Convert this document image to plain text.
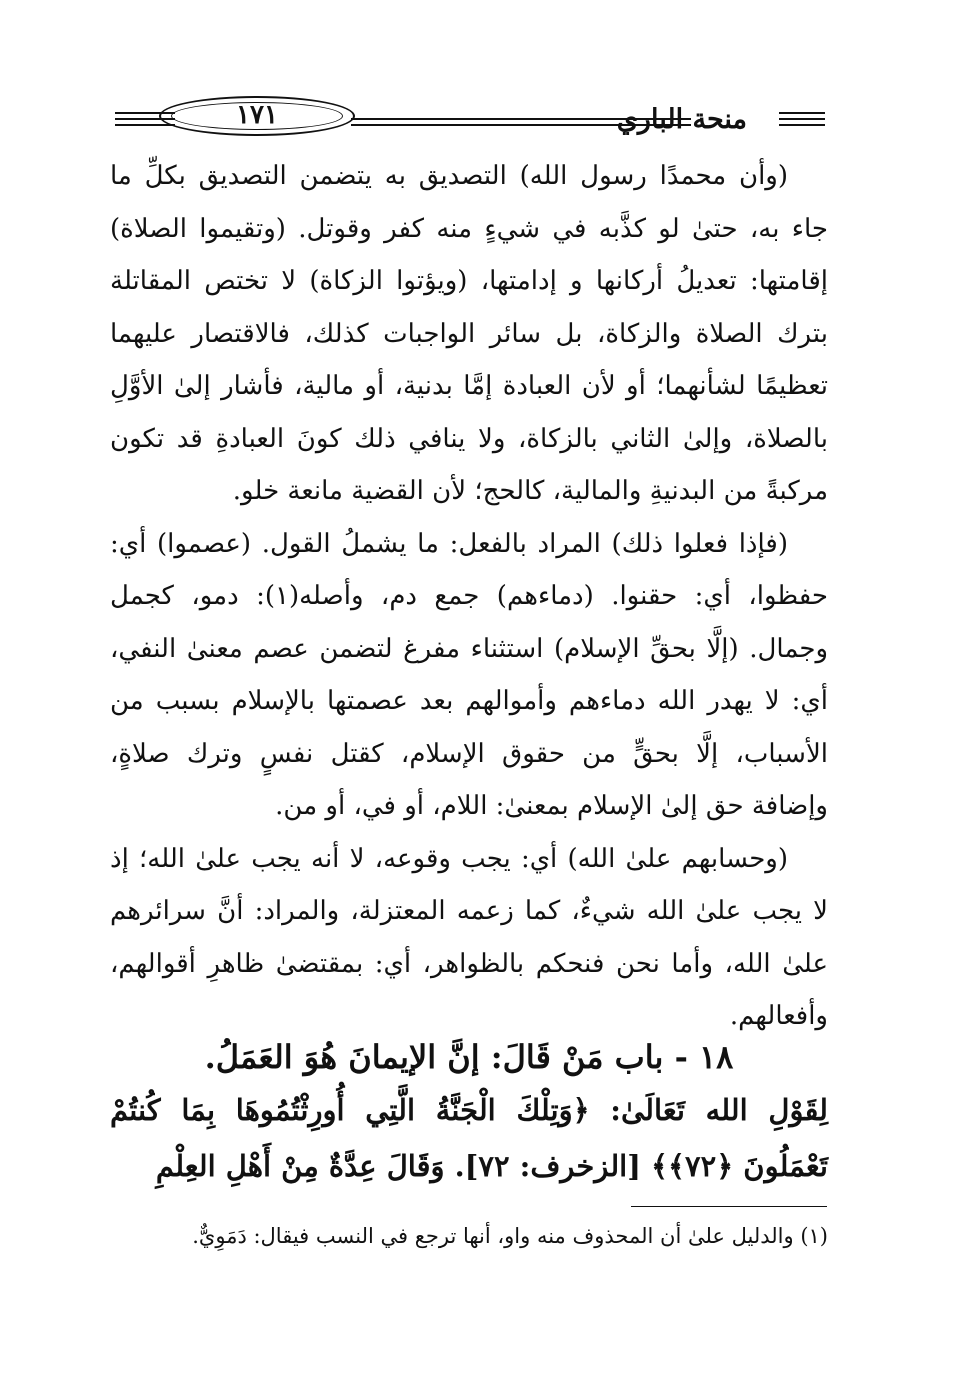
١٧١	منحة الباري

(وأن محمدًا رسول الله) التصديق به يتضمن التصديق بكلِّ ما جاء به، حتىٰ لو كذَّبه في شيءٍ منه كفر وقوتل. (وتقيموا الصلاة) إقامتها: تعديلُ أركانها و إدامتها، (ويؤتوا الزكاة) لا تختص المقاتلة بترك الصلاة والزكاة، بل سائر الواجبات كذلك، فالاقتصار عليهما تعظيمًا لشأنهما؛ أو لأن العبادة إمَّا بدنية، أو مالية، فأشار إلىٰ الأوَّلِ بالصلاة، وإلىٰ الثاني بالزكاة، ولا ينافي ذلك كونَ العبادةِ قد تكون مركبةً من البدنيةِ والمالية، كالحج؛ لأن القضية مانعة خلو.

(فإذا فعلوا ذلك) المراد بالفعل: ما يشملُ القول. (عصموا) أي: حفظوا، أي: حقنوا. (دماءهم) جمع دم، وأصله(١): دمو، كجمل وجمال. (إلَّا بحقِّ الإسلام) استثناء مفرغ لتضمن عصم معنىٰ النفي، أي: لا يهدر الله دماءهم وأموالهم بعد عصمتها بالإسلام بسبب من الأسباب، إلَّا بحقٍّ من حقوق الإسلام، كقتل نفسٍ وترك صلاةٍ، وإضافة حق إلىٰ الإسلام بمعنىٰ: اللام، أو في، أو من.

(وحسابهم علىٰ الله) أي: يجب وقوعه، لا أنه يجب علىٰ الله؛ إذ لا يجب علىٰ الله شيءٌ، كما زعمه المعتزلة، والمراد: أنَّ سرائرهم علىٰ الله، وأما نحن فنحكم بالظواهر، أي: بمقتضىٰ ظاهرِ أقوالهم، وأفعالهم.

١٨ - باب مَنْ قَالَ: إنَّ الإيمانَ هُوَ العَمَلُ.
لِقَوْلِ الله تَعَالَىٰ: ﴿وَتِلْكَ الْجَنَّةُ الَّتِي أُورِثْتُمُوهَا بِمَا كُنتُمْ تَعْمَلُونَ ﴿٧٢﴾﴾ [الزخرف: ٧٢]. وَقَالَ عِدَّةٌ مِنْ أَهْلِ العِلْمِ
(١) والدليل علىٰ أن المحذوف منه واو، أنها ترجع في النسب فيقال: دَمَوِيٌّ.
